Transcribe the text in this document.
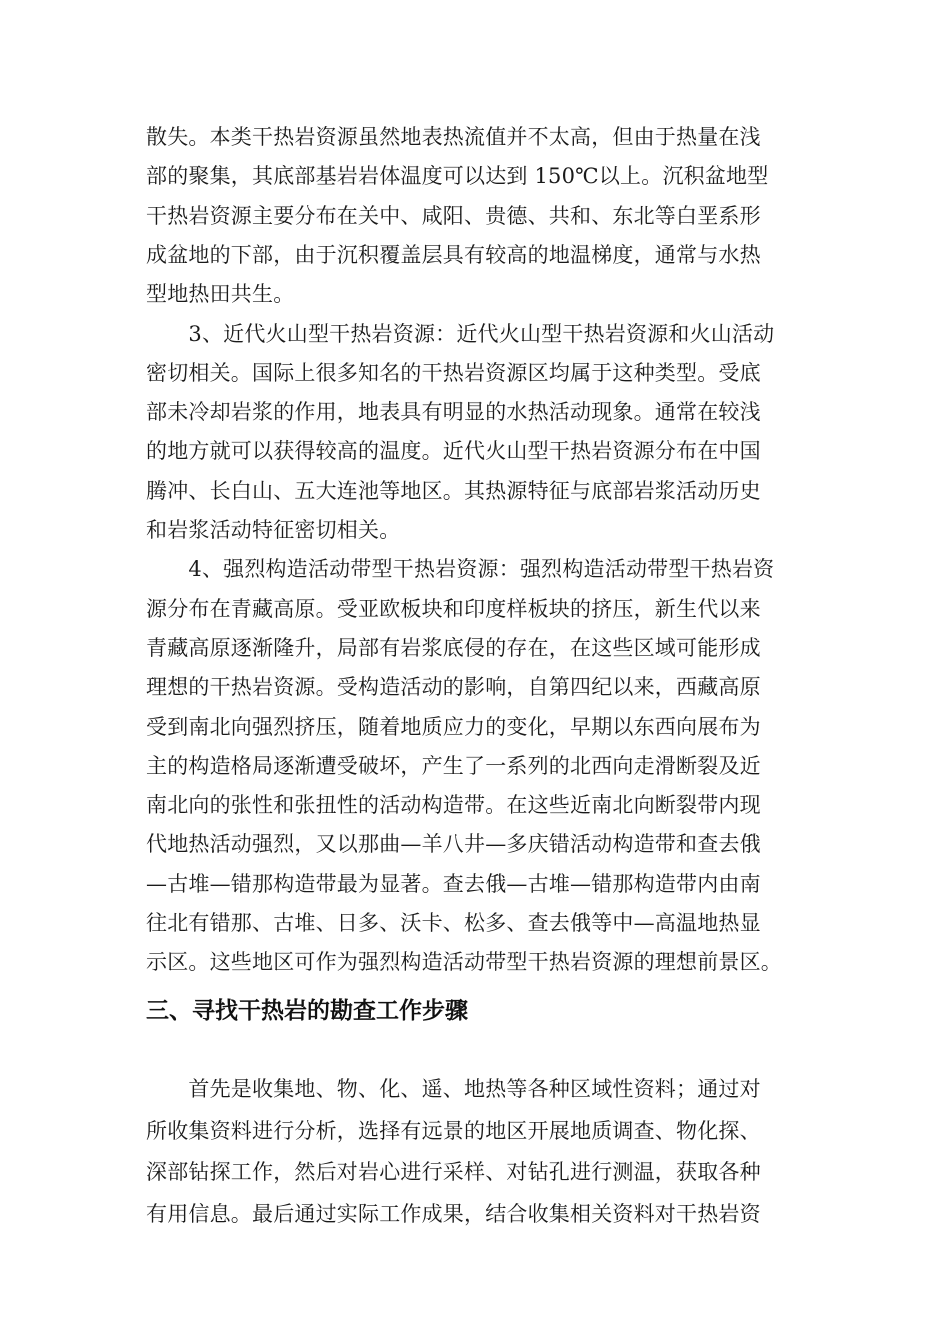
散失。本类干热岩资源虽然地表热流值并不太高，但由于热量在浅
部的聚集，其底部基岩岩体温度可以达到 150℃以上。沉积盆地型
干热岩资源主要分布在关中、咸阳、贵德、共和、东北等白垩系形
成盆地的下部，由于沉积覆盖层具有较高的地温梯度，通常与水热
型地热田共生。
　　3、近代火山型干热岩资源：近代火山型干热岩资源和火山活动
密切相关。国际上很多知名的干热岩资源区均属于这种类型。受底
部未冷却岩浆的作用，地表具有明显的水热活动现象。通常在较浅
的地方就可以获得较高的温度。近代火山型干热岩资源分布在中国
腾冲、长白山、五大连池等地区。其热源特征与底部岩浆活动历史
和岩浆活动特征密切相关。
　　4、强烈构造活动带型干热岩资源：强烈构造活动带型干热岩资
源分布在青藏高原。受亚欧板块和印度样板块的挤压，新生代以来
青藏高原逐渐隆升，局部有岩浆底侵的存在，在这些区域可能形成
理想的干热岩资源。受构造活动的影响，自第四纪以来，西藏高原
受到南北向强烈挤压，随着地质应力的变化，早期以东西向展布为
主的构造格局逐渐遭受破坏，产生了一系列的北西向走滑断裂及近
南北向的张性和张扭性的活动构造带。在这些近南北向断裂带内现
代地热活动强烈，又以那曲—羊八井—多庆错活动构造带和查去俄
—古堆—错那构造带最为显著。查去俄—古堆—错那构造带内由南
往北有错那、古堆、日多、沃卡、松多、查去俄等中—高温地热显
示区。这些地区可作为强烈构造活动带型干热岩资源的理想前景区。
三、寻找干热岩的勘查工作步骤
　　首先是收集地、物、化、遥、地热等各种区域性资料；通过对
所收集资料进行分析，选择有远景的地区开展地质调查、物化探、
深部钻探工作，然后对岩心进行采样、对钻孔进行测温，获取各种
有用信息。最后通过实际工作成果，结合收集相关资料对干热岩资
